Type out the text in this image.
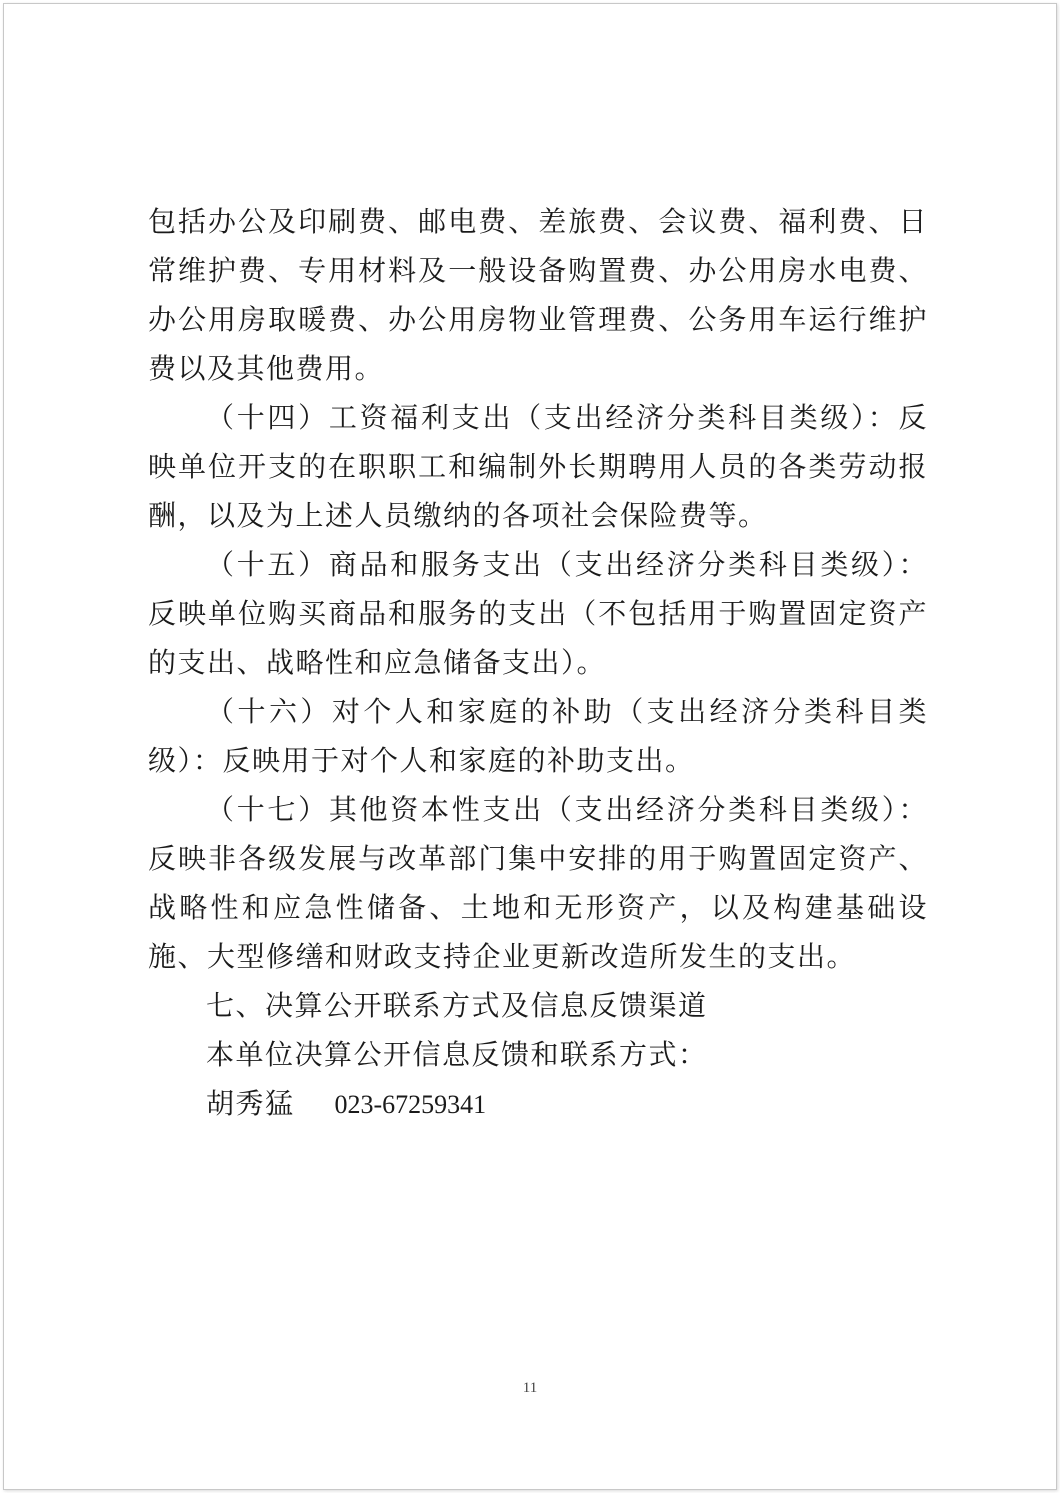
包括办公及印刷费、邮电费、差旅费、会议费、福利费、日常维护费、专用材料及一般设备购置费、办公用房水电费、办公用房取暖费、办公用房物业管理费、公务用车运行维护费以及其他费用。

（十四）工资福利支出（支出经济分类科目类级）：反映单位开支的在职职工和编制外长期聘用人员的各类劳动报酬，以及为上述人员缴纳的各项社会保险费等。

（十五）商品和服务支出（支出经济分类科目类级）：反映单位购买商品和服务的支出（不包括用于购置固定资产的支出、战略性和应急储备支出）。

（十六）对个人和家庭的补助（支出经济分类科目类级）：反映用于对个人和家庭的补助支出。

（十七）其他资本性支出（支出经济分类科目类级）：反映非各级发展与改革部门集中安排的用于购置固定资产、战略性和应急性储备、土地和无形资产，以及构建基础设施、大型修缮和财政支持企业更新改造所发生的支出。

七、决算公开联系方式及信息反馈渠道

本单位决算公开信息反馈和联系方式：

胡秀猛 023-67259341

11
